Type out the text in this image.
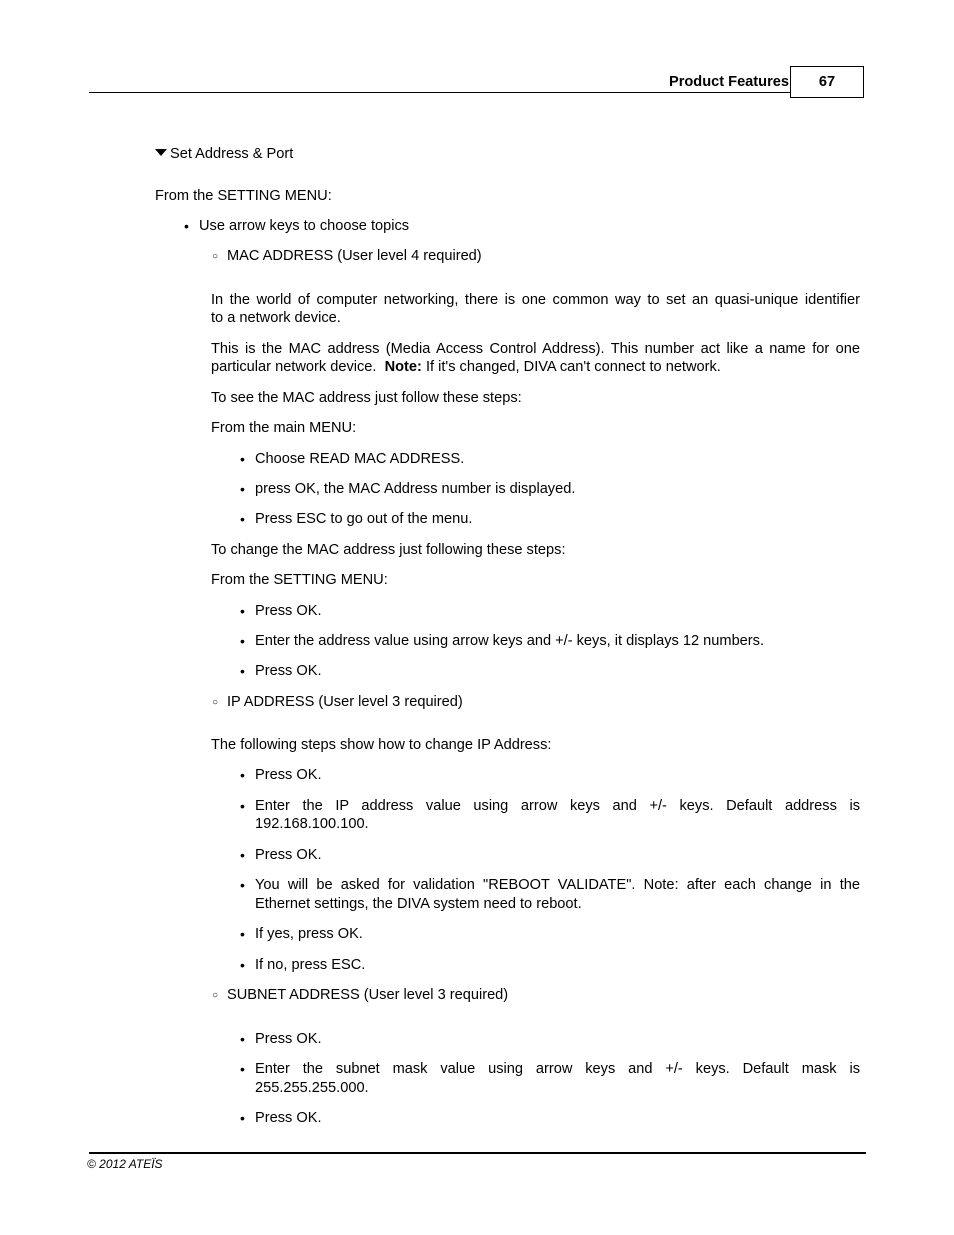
Product Features 67
Set Address & Port
From the SETTING MENU:
• Use arrow keys to choose topics
○ MAC ADDRESS (User level 4 required)
In the world of computer networking, there is one common way to set an quasi-unique identifier
to a network device.
This is the MAC address (Media Access Control Address). This number act like a name for one
particular network device. Note: If it's changed, DIVA can't connect to network.
To see the MAC address just follow these steps:
From the main MENU:
• Choose READ MAC ADDRESS.
• press OK, the MAC Address number is displayed.
• Press ESC to go out of the menu.
To change the MAC address just following these steps:
From the SETTING MENU:
• Press OK.
• Enter the address value using arrow keys and +/- keys, it displays 12 numbers.
• Press OK.
○ IP ADDRESS (User level 3 required)
The following steps show how to change IP Address:
• Press OK.
• Enter the IP address value using arrow keys and +/- keys. Default address is
192.168.100.100.
• Press OK.
• You will be asked for validation "REBOOT VALIDATE". Note: after each change in the
Ethernet settings, the DIVA system need to reboot.
• If yes, press OK.
• If no, press ESC.
○ SUBNET ADDRESS (User level 3 required)
• Press OK.
• Enter the subnet mask value using arrow keys and +/- keys. Default mask is
255.255.255.000.
• Press OK.
© 2012 ATEÏS
